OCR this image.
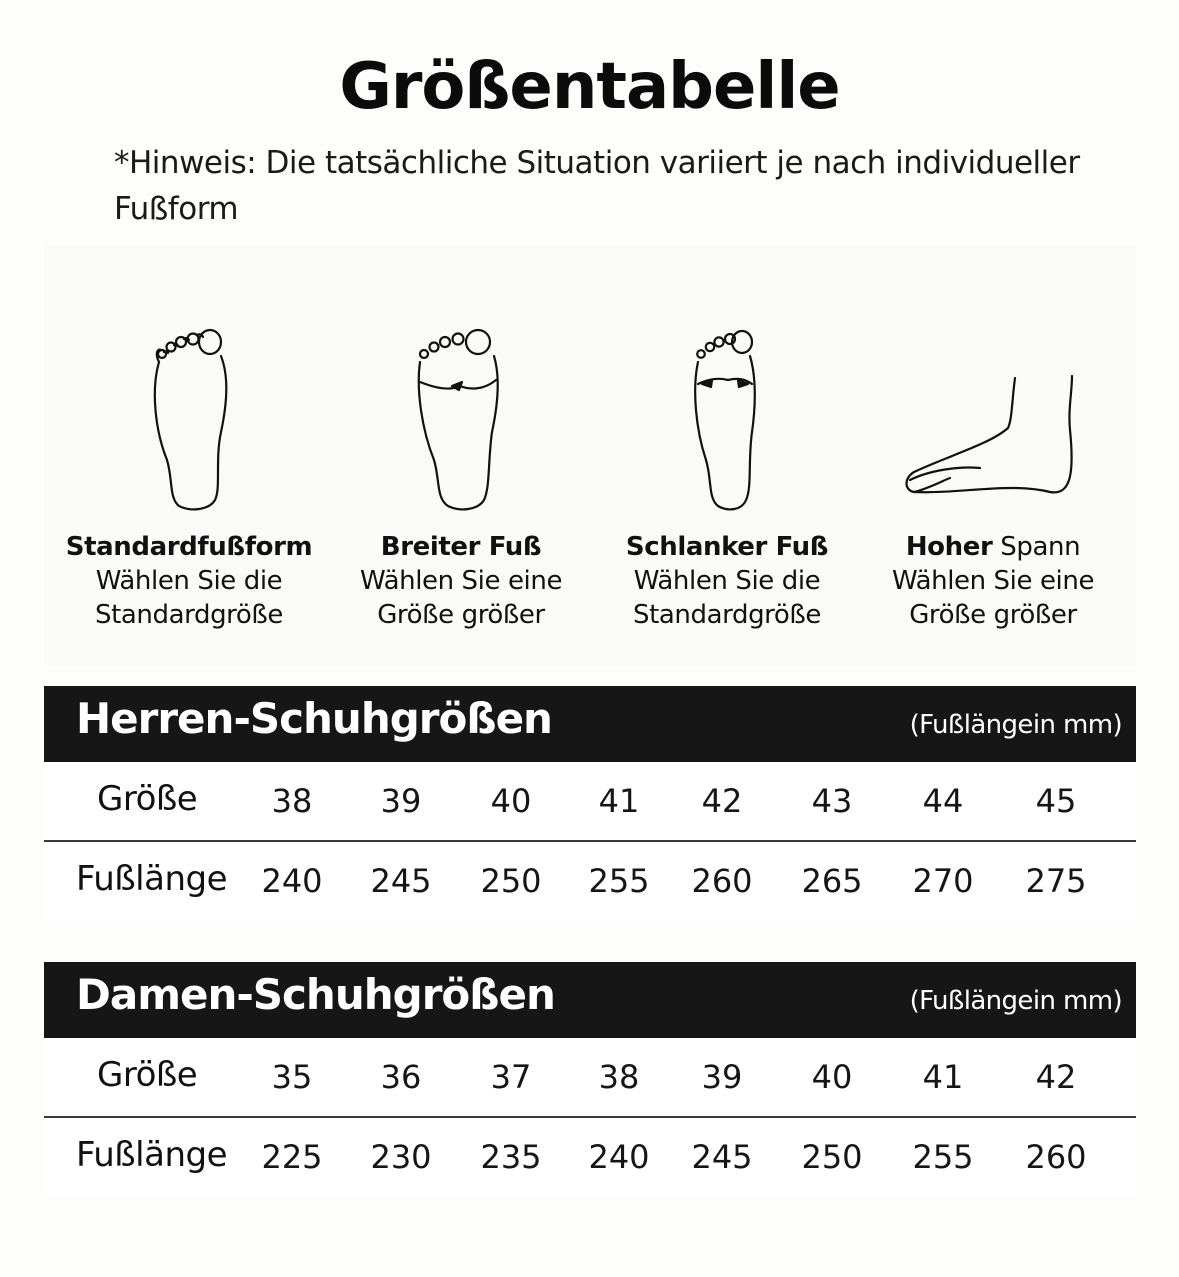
Größentabelle
*Hinweis: Die tatsächliche Situation variiert je nach individueller Fußform
Standardfußform
Wählen Sie die
Standardgröße
Breiter Fuß
Wählen Sie eine
Größe größer
Schlanker Fuß
Wählen Sie die
Standardgröße
Hoher Spann
Wählen Sie eine
Größe größer
Herren-Schuhgrößen	(Fußlängein mm)
Größe	38	39	40	41	42	43	44	45
Fußlänge	240	245	250	255	260	265	270	275
Damen-Schuhgrößen	(Fußlängein mm)
Größe	35	36	37	38	39	40	41	42
Fußlänge	225	230	235	240	245	250	255	260
